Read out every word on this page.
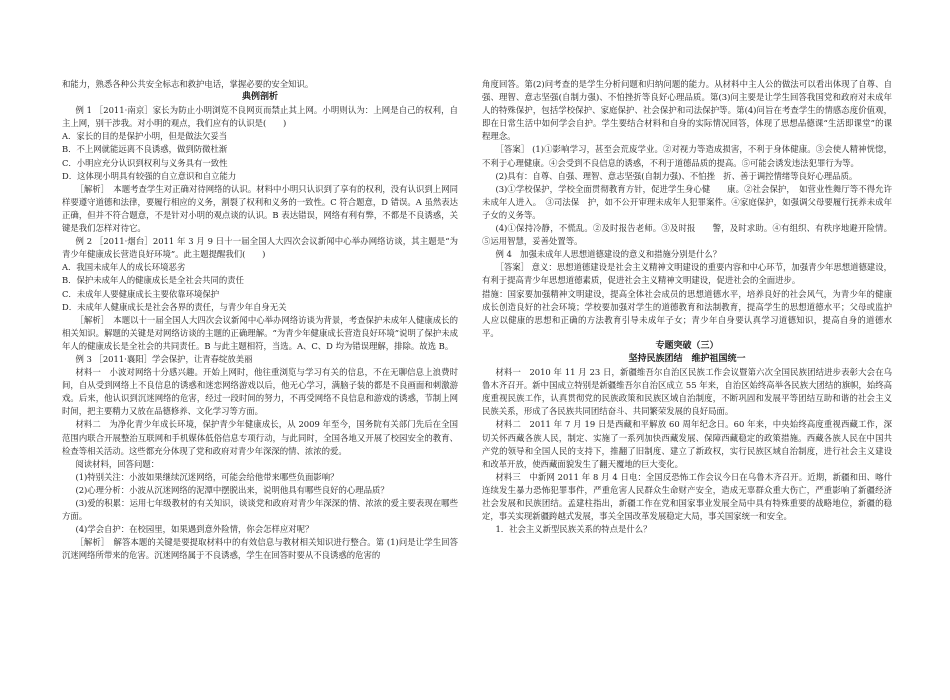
和能力，熟悉各种公共安全标志和救护电话，掌握必要的安全知识。

典例剖析

例 1 ［2011·南京］家长为防止小明浏览不良网页而禁止其上网。小明则认为：上网是自己的权利，自主上网，别干涉我。对小明的观点，我们应有的认识是(　　)

A．家长的目的是保护小明，但是做法欠妥当

B．不上网就能远离不良诱惑，做到防微杜渐

C．小明应充分认识到权利与义务具有一致性

D．这体现小明具有较强的自立意识和自立能力

［解析］　本题考查学生对正确对待网络的认识。材料中小明只认识到了享有的权利，没有认识到上网同样要遵守道德和法律，要履行相应的义务，割裂了权利和义务的一致性。C 符合题意，D 错误。A 虽然表达正确，但并不符合题意，不是针对小明的观点谈的认识。B 表达错误，网络有利有弊，不都是不良诱惑，关键是我们怎样对待它。

例 2 ［2011·烟台］2011 年 3 月 9 日十一届全国人大四次会议新闻中心举办网络访谈，其主题是“为青少年健康成长营造良好环境”。此主题提醒我们(　　)

A．我国未成年人的成长环境恶劣

B．保护未成年人的健康成长是全社会共同的责任

C．未成年人要健康成长主要依靠环境保护

D．未成年人健康成长是社会各界的责任，与青少年自身无关

［解析］　本题以十一届全国人大四次会议新闻中心举办网络访谈为背景，考查保护未成年人健康成长的相关知识。解题的关键是对网络访谈的主题的正确理解。“为青少年健康成长营造良好环境”说明了保护未成年人的健康成长是全社会的共同责任。B 与此主题相符，当选。A、C、D 均为错误理解，排除。故选 B。

例 3 ［2011·襄阳］学会保护，让青春绽放美丽

材料一　小波对网络十分感兴趣。开始上网时，他往重浏览与学习有关的信息，不在无聊信息上浪费时间，自从受到网络上不良信息的诱惑和迷恋网络游戏以后，他无心学习，满脑子装的都是不良画面和刺激游戏。后来，他认识到沉迷网络的危害，经过一段时间的努力，不再受网络不良信息和游戏的诱惑，节制上网时间，把主要精力又放在品德修养、文化学习等方面。

材料二　为净化青少年成长环境，保护青少年健康成长，从 2009 年至今，国务院有关部门先后在全国范围内联合开展整治互联网和手机媒体低俗信息专项行动，与此同时，全国各地又开展了校园安全的教育、检查等相关活动。这些都充分体现了党和政府对青少年深深的情、浓浓的爱。

阅读材料，回答问题：

(1)特别关注：小波如果继续沉迷网络，可能会给他带来哪些负面影响？

(2)心理分析：小波从沉迷网络的泥潭中摆脱出来，说明他具有哪些良好的心理品质？

(3)爱的积累：运用七年级教材的有关知识，谈谈党和政府对青少年深深的情、浓浓的爱主要表现在哪些方面。

(4)学会自护：在校园里，如果遇到意外险情，你会怎样应对呢？

［解析］　解答本题的关键是要提取材料中的有效信息与教材相关知识进行整合。第 (1)问是让学生回答沉迷网络所带来的危害。沉迷网络属于不良诱惑，学生在回答时要从不良诱惑的危害的

角度回答。第(2)问考查的是学生分析问题和归纳问题的能力。从材料中主人公的做法可以看出体现了自尊、自强、理智、意志坚强(自制力强)、不怕挫折等良好心理品质。第(3)问主要是让学生回答我国党和政府对未成年人的特殊保护，包括学校保护、家庭保护、社会保护和司法保护等。第(4)问旨在考查学生的情感态度价值观，即在日常生活中如何学会自护。学生要结合材料和自身的实际情况回答，体现了思想品德课“生活即课堂”的课程理念。

［答案］ (1)①影响学习，甚至会荒废学业。②对视力等造成损害，不利于身体健康。③会使人精神恍惚，不利于心理健康。④会受到不良信息的诱惑，不利于道德品质的提高。⑤可能会诱发违法犯罪行为等。

(2)具有：自尊、自强、理智、意志坚强(自制力强)、不怕挫　折、善于调控情绪等良好心理品质。

(3)①学校保护，学校全面贯彻教育方针，促进学生身心健　　康。②社会保护，　如营业性舞厅等不得允许未成年人进入。　③司法保　护，如不公开审理未成年人犯罪案件。④家庭保护，如强调父母要履行抚养未成年子女的义务等。

(4)①保持冷静，不慌乱。②及时报告老师。③及时报　　警，及时求助。④有组织、有秩序地避开险情。⑤运用智慧，妥善处置等。

例 4　加强未成年人思想道德建设的意义和措施分别是什么？

［答案］ 意义：思想道德建设是社会主义精神文明建设的重要内容和中心环节，加强青少年思想道德建设，有利于提高青少年思想道德素质，促进社会主义精神文明建设，促进社会的全面进步。

措施：国家要加强精神文明建设，提高全体社会成员的思想道德水平，培养良好的社会风气，为青少年的健康成长创造良好的社会环境；学校要加强对学生的道德教育和法制教育，提高学生的思想道德水平；父母或监护人应以健康的思想和正确的方法教育引导未成年子女；青少年自身要认真学习道德知识，提高自身的道德水平。

专题突破（三）

坚持民族团结　维护祖国统一

材料一　2010 年 11 月 23 日，新疆维吾尔自治区民族工作会议暨第六次全国民族团结进步表彰大会在乌鲁木齐召开。新中国成立特别是新疆维吾尔自治区成立 55 年来，自治区始终高举各民族大团结的旗帜，始终高度重视民族工作，认真贯彻党的民族政策和民族区域自治制度，不断巩固和发展平等团结互助和谐的社会主义民族关系，形成了各民族共同团结奋斗、共同繁荣发展的良好局面。

材料二　2011 年 7 月 19 日是西藏和平解放 60 周年纪念日。60 年来，中央始终高度重视西藏工作，深切关怀西藏各族人民，制定、实施了一系列加快西藏发展、保障西藏稳定的政策措施。西藏各族人民在中国共产党的领导和全国人民的支持下，推翻了旧制度、建立了新政权，实行民族区域自治制度，进行社会主义建设和改革开放，使西藏面貌发生了翻天覆地的巨大变化。

材料三　中新网 2011 年 8 月 4 日电：全国反恐怖工作会议今日在乌鲁木齐召开。近期，新疆和田、喀什连续发生暴力恐怖犯罪事件，严重危害人民群众生命财产安全，造成无辜群众重大伤亡，严重影响了新疆经济社会发展和民族团结。孟建柱指出，新疆工作在党和国家事业发展全局中具有特殊重要的战略地位，新疆的稳定，事关实现新疆跨越式发展，事关全国改革发展稳定大局，事关国家统一和安全。

1．社会主义新型民族关系的特点是什么？
